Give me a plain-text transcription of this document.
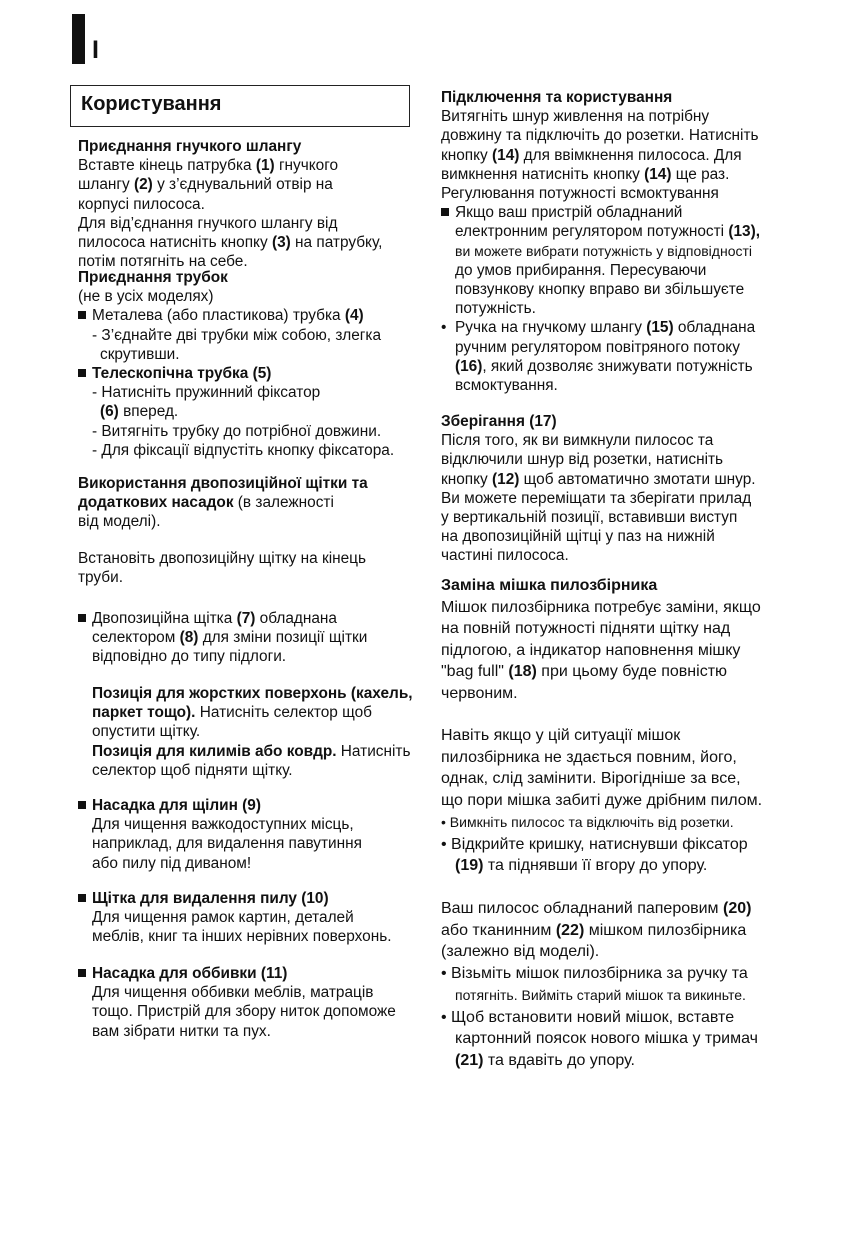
I
Користування

Приєднання гнучкого шлангу

Вставте кінець патрубка (1) гнучкого

шлангу (2) у з’єднувальний отвір на

корпусі пилососа.

Для від’єднання гнучкого шлангу від

пилососа натисніть кнопку (3) на патрубку,

потім потягніть на себе.

Приєднання трубок

(не в усіх моделях)

Металева (або пластикова) трубка (4)

- З’єднайте дві трубки між собою, злегка

скрутивши.

Телескопічна трубка (5)

- Натисніть пружинний фіксатор

(6) вперед.

- Витягніть трубку до потрібної довжини.

- Для фіксації відпустіть кнопку фіксатора.

Використання двопозиційної щітки та

додаткових насадок (в залежності

від моделі).

Встановіть двопозиційну щітку на кінець

труби.

Двопозиційна щітка (7) обладнана

селектором (8) для зміни позиції щітки

відповідно до типу підлоги.

Позиція для жорстких поверхонь (кахель,

паркет тощо). Натисніть селектор щоб

опустити щітку.

Позиція для килимів або ковдр. Натисніть

селектор щоб підняти щітку.

Насадка для щілин (9)

Для чищення важкодоступних місць,

наприклад, для видалення павутиння

або пилу під диваном!

Щітка для видалення пилу (10)

Для чищення рамок картин, деталей

меблів, книг та інших нерівних поверхонь.

Насадка для оббивки (11)

Для чищення оббивки меблів, матраців

тощо. Пристрій для збору ниток допоможе

вам зібрати нитки та пух.

Підключення та користування

Витягніть шнур живлення на потрібну

довжину та підключіть до розетки. Натисніть

кнопку (14) для ввімкнення пилососа. Для

вимкнення натисніть кнопку (14) ще раз.

Регулювання потужності всмоктування

Якщо ваш пристрій обладнаний

електронним регулятором потужності (13),

ви можете вибрати потужність у відповідності

до умов прибирання. Пересуваючи

повзункову кнопку вправо ви збільшуєте

потужність.

• Ручка на гнучкому шлангу (15) обладнана

ручним регулятором повітряного потоку

(16), який дозволяє знижувати потужність

всмоктування.

Зберігання (17)

Після того, як ви вимкнули пилосос та

відключили шнур від розетки, натисніть

кнопку (12) щоб автоматично змотати шнур.

Ви можете переміщати та зберігати прилад

у вертикальній позиції, вставивши виступ

на двопозиційній щітці у паз на нижній

частині пилососа.

Заміна мішка пилозбірника

Мішок пилозбірника потребує заміни, якщо

на повній потужності підняти щітку над

підлогою, а індикатор наповнення мішку

"bag full" (18) при цьому буде повністю

червоним.

Навіть якщо у цій ситуації мішок

пилозбірника не здається повним, його,

однак, слід замінити. Вірогідніше за все,

що пори мішка забиті дуже дрібним пилом.

• Вимкніть пилосос та відключіть від розетки.

• Відкрийте кришку, натиснувши фіксатор

(19) та піднявши її вгору до упору.

Ваш пилосос обладнаний паперовим (20)

або тканинним (22) мішком пилозбірника

(залежно від моделі).

• Візьміть мішок пилозбірника за ручку та

потягніть. Вийміть старий мішок та викиньте.

• Щоб встановити новий мішок, вставте

картонний поясок нового мішка у тримач

(21) та вдавіть до упору.
